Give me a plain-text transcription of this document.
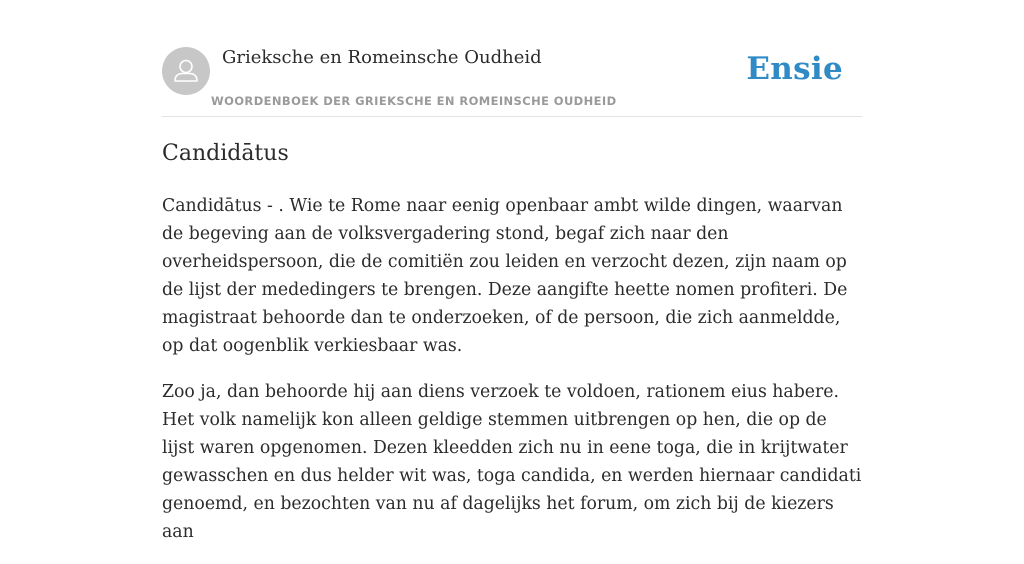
Grieksche en Romeinsche Oudheid
WOORDENBOEK DER GRIEKSCHE EN ROMEINSCHE OUDHEID
Ensie
Candidātus

Candidātus - . Wie te Rome naar eenig openbaar ambt wilde dingen, waarvan de begeving aan de volksvergadering stond, begaf zich naar den overheidspersoon, die de comitiën zou leiden en verzocht dezen, zijn naam op de lijst der mededingers te brengen. Deze aangifte heette nomen profiteri. De magistraat behoorde dan te onderzoeken, of de persoon, die zich aanmeldde, op dat oogenblik verkiesbaar was.

Zoo ja, dan behoorde hij aan diens verzoek te voldoen, rationem eius habere. Het volk namelijk kon alleen geldige stemmen uitbrengen op hen, die op de lijst waren opgenomen. Dezen kleedden zich nu in eene toga, die in krijtwater gewasschen en dus helder wit was, toga candida, en werden hiernaar candidati genoemd, en bezochten van nu af dagelijks het forum, om zich bij de kiezers aan
